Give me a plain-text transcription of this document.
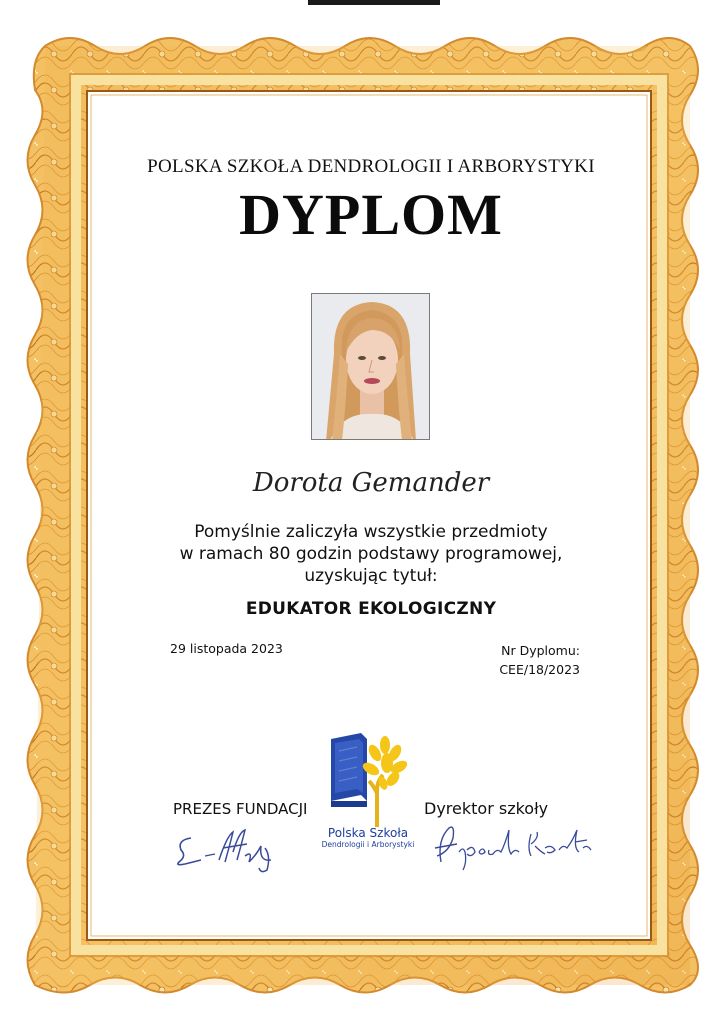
POLSKA SZKOŁA DENDROLOGII I ARBORYSTYKI
DYPLOM
Dorota Gemander
Pomyślnie zaliczyła wszystkie przedmioty
w ramach 80 godzin podstawy programowej,
uzyskując tytuł:
EDUKATOR EKOLOGICZNY
29 listopada 2023	Nr Dyplomu:
CEE/18/2023
PREZES FUNDACJI	Dyrektor szkoły
Polska Szkoła
Dendrologii i Arborystyki
